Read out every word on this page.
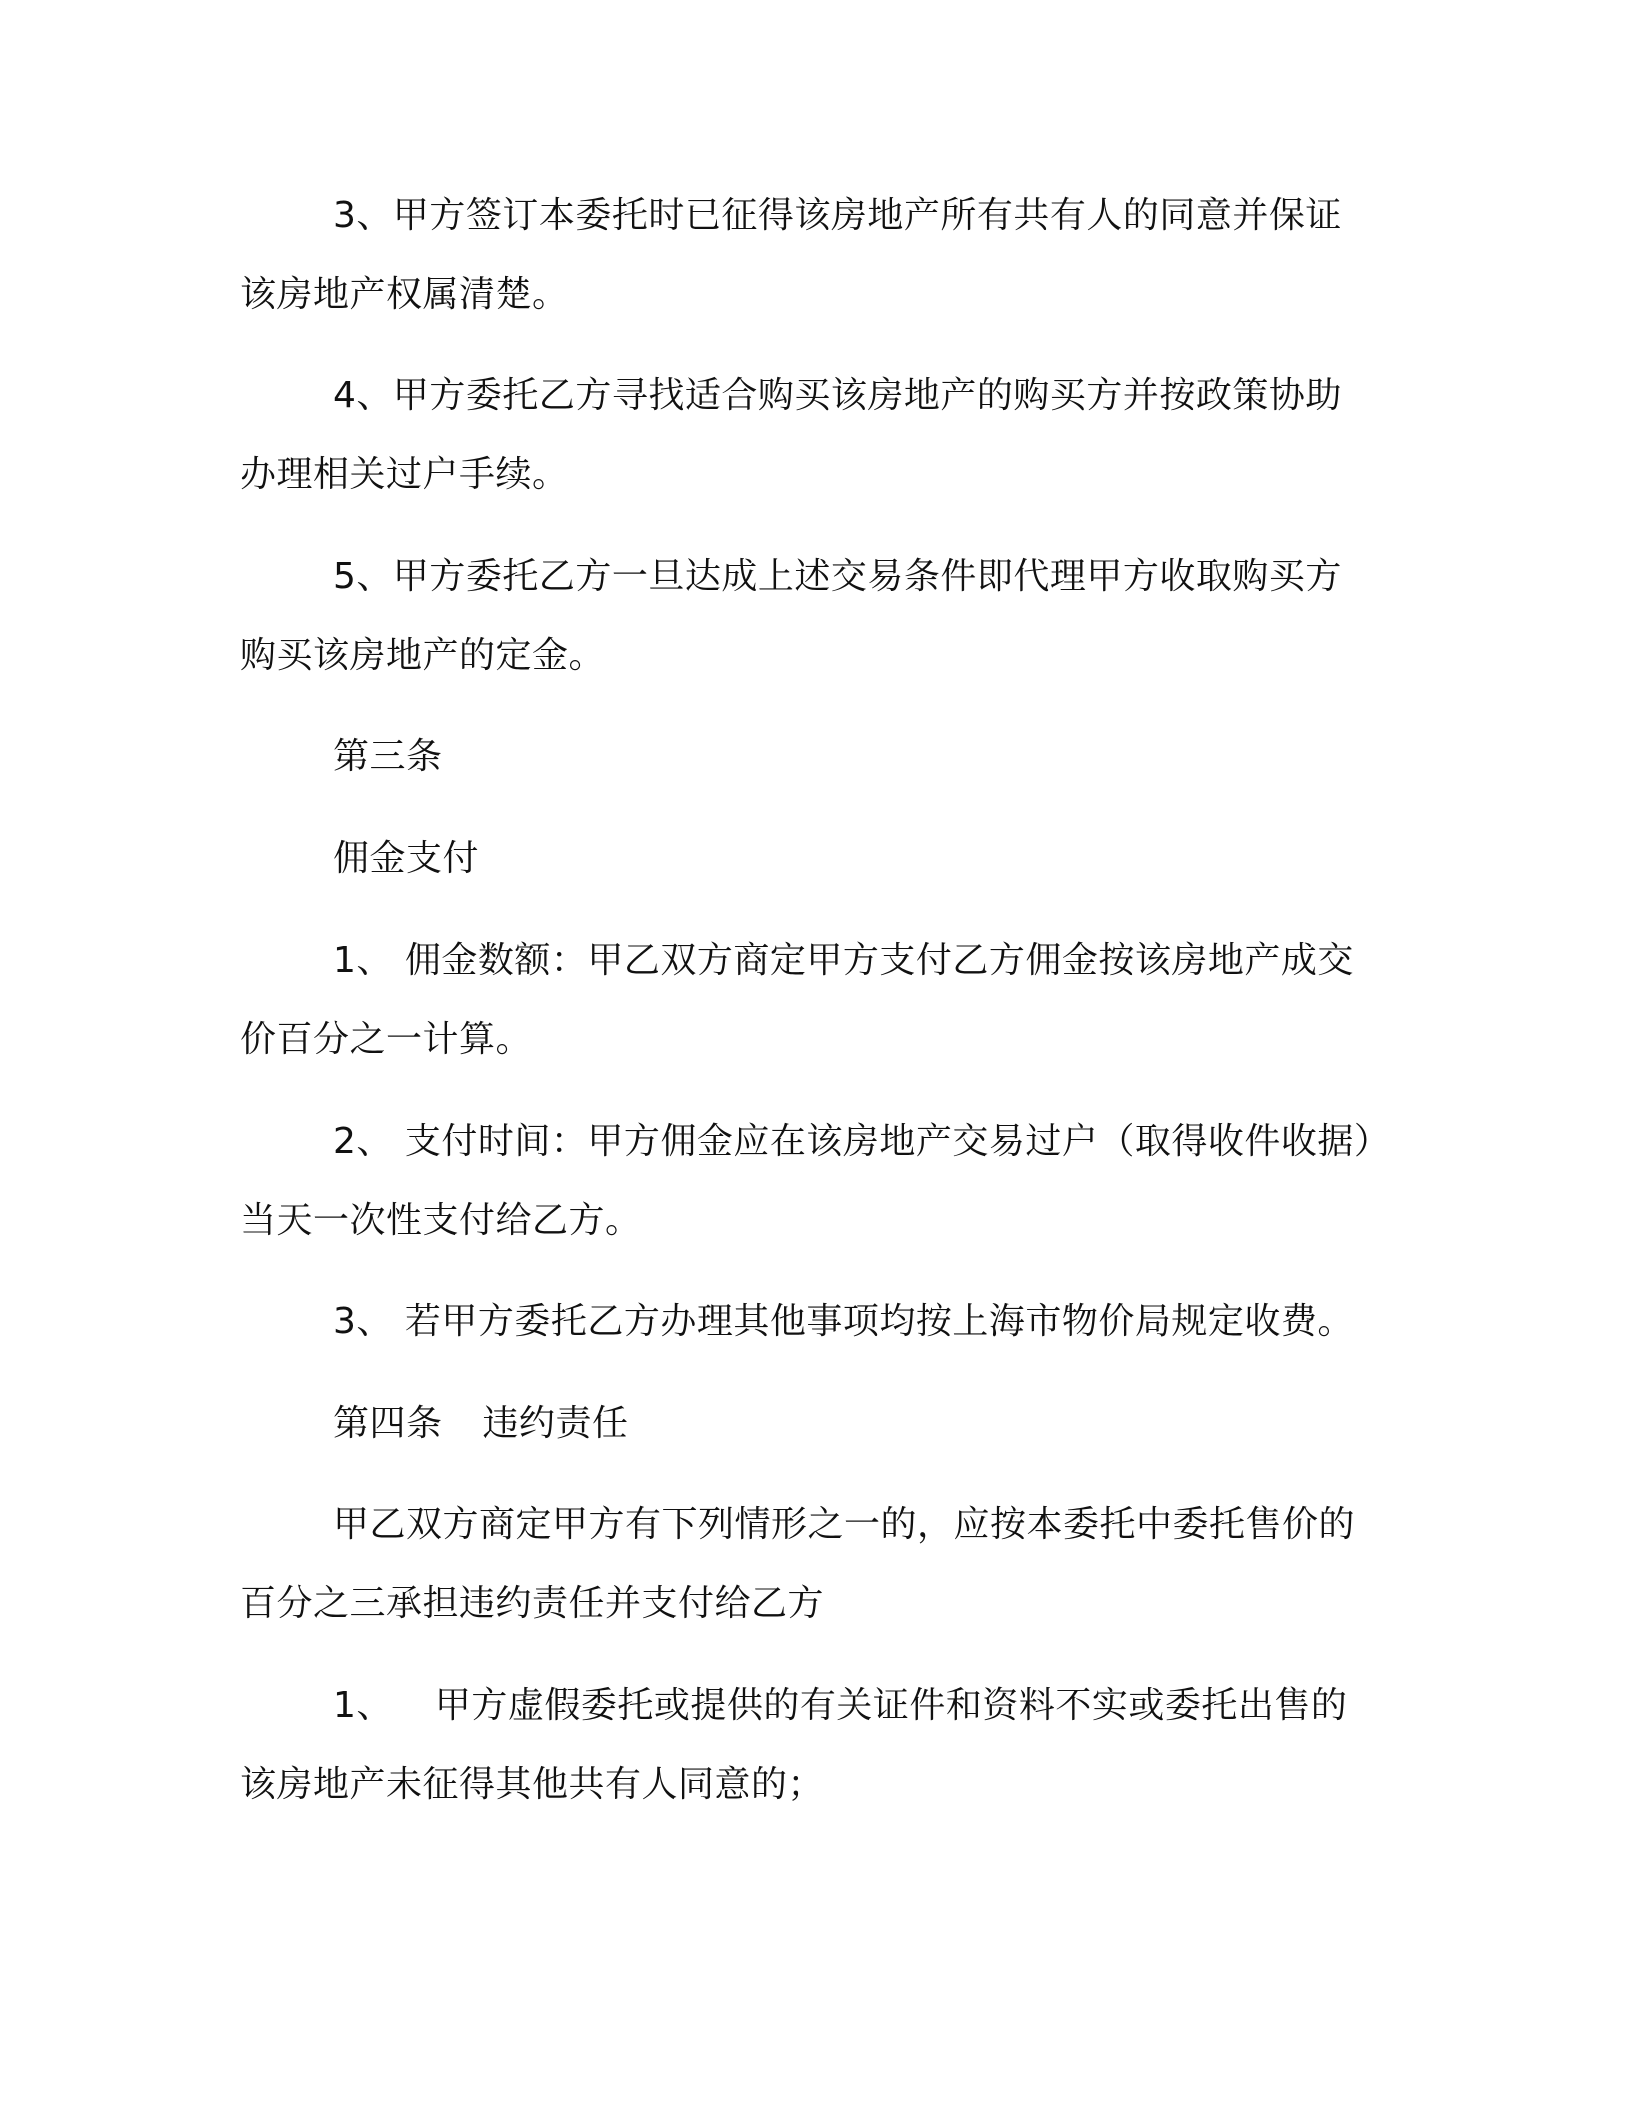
3、甲方签订本委托时已征得该房地产所有共有人的同意并保证
该房地产权属清楚。
4、甲方委托乙方寻找适合购买该房地产的购买方并按政策协助
办理相关过户手续。
5、甲方委托乙方一旦达成上述交易条件即代理甲方收取购买方
购买该房地产的定金。
第三条
佣金支付
1、 佣金数额：甲乙双方商定甲方支付乙方佣金按该房地产成交
价百分之一计算。
2、 支付时间：甲方佣金应在该房地产交易过户（取得收件收据）
当天一次性支付给乙方。
3、 若甲方委托乙方办理其他事项均按上海市物价局规定收费。
第四条 违约责任
甲乙双方商定甲方有下列情形之一的，应按本委托中委托售价的
百分之三承担违约责任并支付给乙方
1、 甲方虚假委托或提供的有关证件和资料不实或委托出售的
该房地产未征得其他共有人同意的；
